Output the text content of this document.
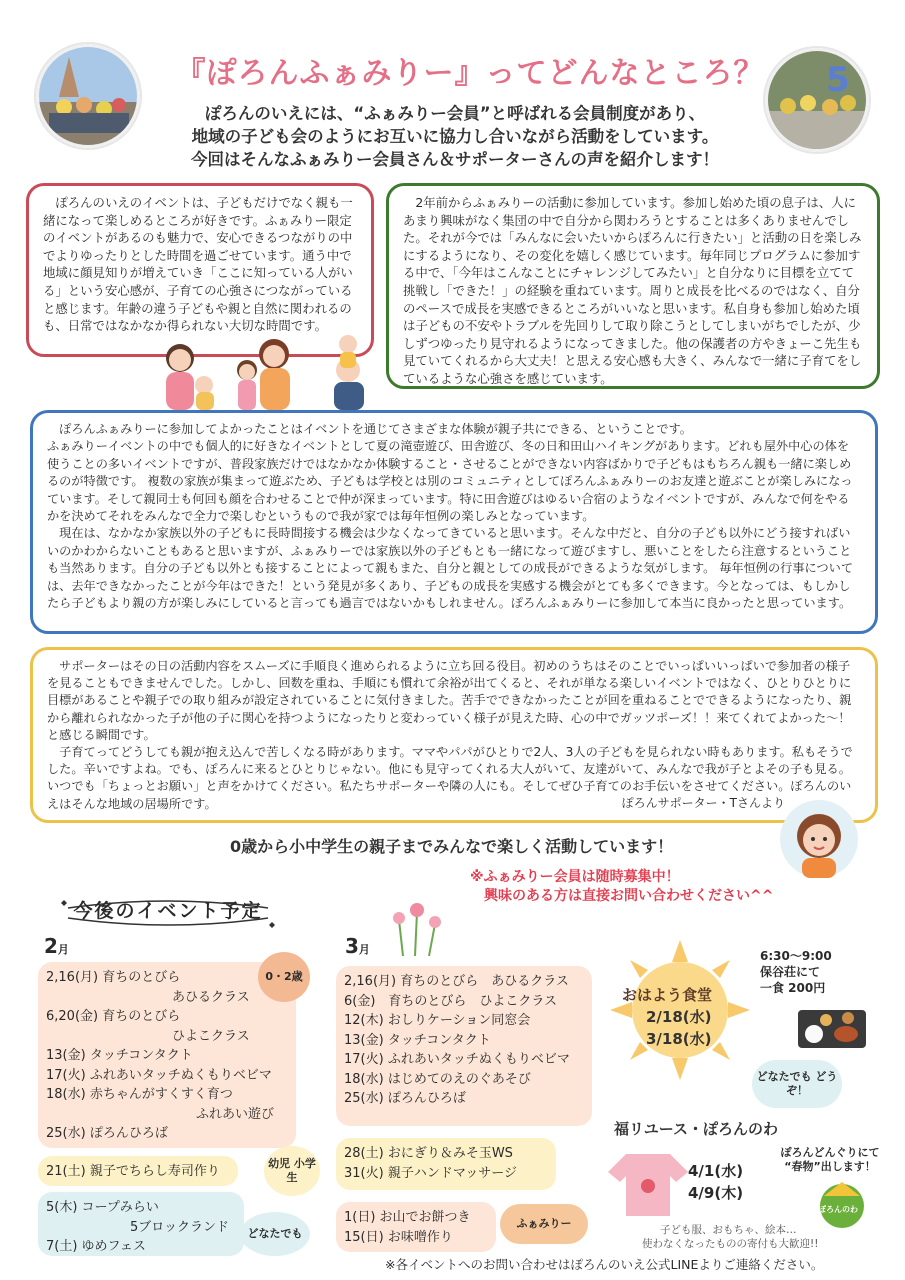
5
『ぽろんふぁみりー』ってどんなところ？
ぽろんのいえには、“ふぁみりー会員”と呼ばれる会員制度があり、
地域の子ども会のようにお互いに協力し合いながら活動をしています。
今回はそんなふぁみりー会員さん＆サポーターさんの声を紹介します！

　ぽろんのいえのイベントは、子どもだけでなく親も一緒になって楽しめるところが好きです。ふぁみりー限定のイベントがあるのも魅力で、安心できるつながりの中でよりゆったりとした時間を過ごせています。通う中で地域に顔見知りが増えていき「ここに知っている人がいる」という安心感が、子育ての心強さにつながっていると感じます。年齢の違う子どもや親と自然に関われるのも、日常ではなかなか得られない大切な時間です。

　2年前からふぁみりーの活動に参加しています。参加し始めた頃の息子は、人にあまり興味がなく集団の中で自分から関わろうとすることは多くありませんでした。それが今では「みんなに会いたいからぽろんに行きたい」と活動の日を楽しみにするようになり、その変化を嬉しく感じています。毎年同じプログラムに参加する中で、「今年はこんなことにチャレンジしてみたい」と自分なりに目標を立てて挑戦し「できた！」の経験を重ねています。周りと成長を比べるのではなく、自分のペースで成長を実感できるところがいいなと思います。私自身も参加し始めた頃は子どもの不安やトラブルを先回りして取り除こうとしてしまいがちでしたが、少しずつゆったり見守れるようになってきました。他の保護者の方やきょーこ先生も見ていてくれるから大丈夫！と思える安心感も大きく、みんなで一緒に子育てをしているような心強さを感じています。

　ぽろんふぁみりーに参加してよかったことはイベントを通じてさまざまな体験が親子共にできる、ということです。

ふぁみりーイベントの中でも個人的に好きなイベントとして夏の滝壺遊び、田舎遊び、冬の日和田山ハイキングがあります。どれも屋外中心の体を使うことの多いイベントですが、普段家族だけではなかなか体験すること・させることができない内容ばかりで子どもはもちろん親も一緒に楽しめるのが特徴です。 複数の家族が集まって遊ぶため、子どもは学校とは別のコミュニティとしてぽろんふぁみりーのお友達と遊ぶことが楽しみになっています。そして親同士も何回も顔を合わせることで仲が深まっています。特に田舎遊びはゆるい合宿のようなイベントですが、みんなで何をやるかを決めてそれをみんなで全力で楽しむというもので我が家では毎年恒例の楽しみとなっています。

　現在は、なかなか家族以外の子どもに長時間接する機会は少なくなってきていると思います。そんな中だと、自分の子ども以外にどう接すればいいのかわからないこともあると思いますが、ふぁみりーでは家族以外の子どもとも一緒になって遊びますし、悪いことをしたら注意するということも当然あります。自分の子ども以外とも接することによって親もまた、自分と親としての成長ができるような気がします。 毎年恒例の行事については、去年できなかったことが今年はできた！という発見が多くあり、子どもの成長を実感する機会がとても多くできます。今となっては、もしかしたら子どもより親の方が楽しみにしていると言っても過言ではないかもしれません。ぽろんふぁみりーに参加して本当に良かったと思っています。

　サポーターはその日の活動内容をスムーズに手順良く進められるように立ち回る役目。初めのうちはそのことでいっぱいいっぱいで参加者の様子を見ることもできませんでした。しかし、回数を重ね、手順にも慣れて余裕が出てくると、それが単なる楽しいイベントではなく、ひとりひとりに目標があることや親子での取り組みが設定されていることに気付きました。苦手でできなかったことが回を重ねることでできるようになったり、親から離れられなかった子が他の子に関心を持つようになったりと変わっていく様子が見えた時、心の中でガッツポーズ！！来てくれてよかった〜！と感じる瞬間です。

　子育てってどうしても親が抱え込んで苦しくなる時があります。ママやパパがひとりで2人、3人の子どもを見られない時もあります。私もそうでした。辛いですよね。でも、ぽろんに来るとひとりじゃない。他にも見守ってくれる大人がいて、友達がいて、みんなで我が子とよその子も見る。いつでも「ちょっとお願い」と声をかけてください。私たちサポーターや隣の人にも。そしてぜひ子育てのお手伝いをさせてください。ぽろんのいえはそんな地域の居場所です。	ぽろんサポーター・Tさんより
0歳から小中学生の親子までみんなで楽しく活動しています！
※ふぁみりー会員は随時募集中！
興味のある方は直接お問い合わせください^^
今後のイベント予定
2月
2,16(月) 育ちのとびら
あひるクラス
6,20(金) 育ちのとびら
ひよこクラス
13(金) タッチコンタクト
17(火) ふれあいタッチぬくもりベビマ
18(水) 赤ちゃんがすくすく育つ
ふれあい遊び
25(水) ぽろんひろば
0・2歳
21(土) 親子でちらし寿司作り
幼児 小学生
5(木) コープみらい
5ブロックランド
7(土) ゆめフェス
どなたでも
3月
2,16(月) 育ちのとびら　あひるクラス
6(金)　育ちのとびら　ひよこクラス
12(木) おしりケーション同窓会
13(金) タッチコンタクト
17(火) ふれあいタッチぬくもりベビマ
18(水) はじめてのえのぐあそび
25(水) ぽろんひろば
28(土) おにぎり＆みそ玉WS
31(火) 親子ハンドマッサージ
1(日) お山でお餅つき
15(日) お味噌作り
ふぁみりー
おはよう食堂
2/18(水)
3/18(水)
6:30〜9:00
保谷荘にて
一食 200円
どなたでも どうぞ！
福リユース・ぽろんのわ
4/1(水)
4/9(木)
ぽろんどんぐりにて “春物”出します！
ぽろんのわ
子ども服、おもちゃ、絵本…
使わなくなったものの寄付も大歓迎!!
※各イベントへのお問い合わせはぽろんのいえ公式LINEよりご連絡ください。
